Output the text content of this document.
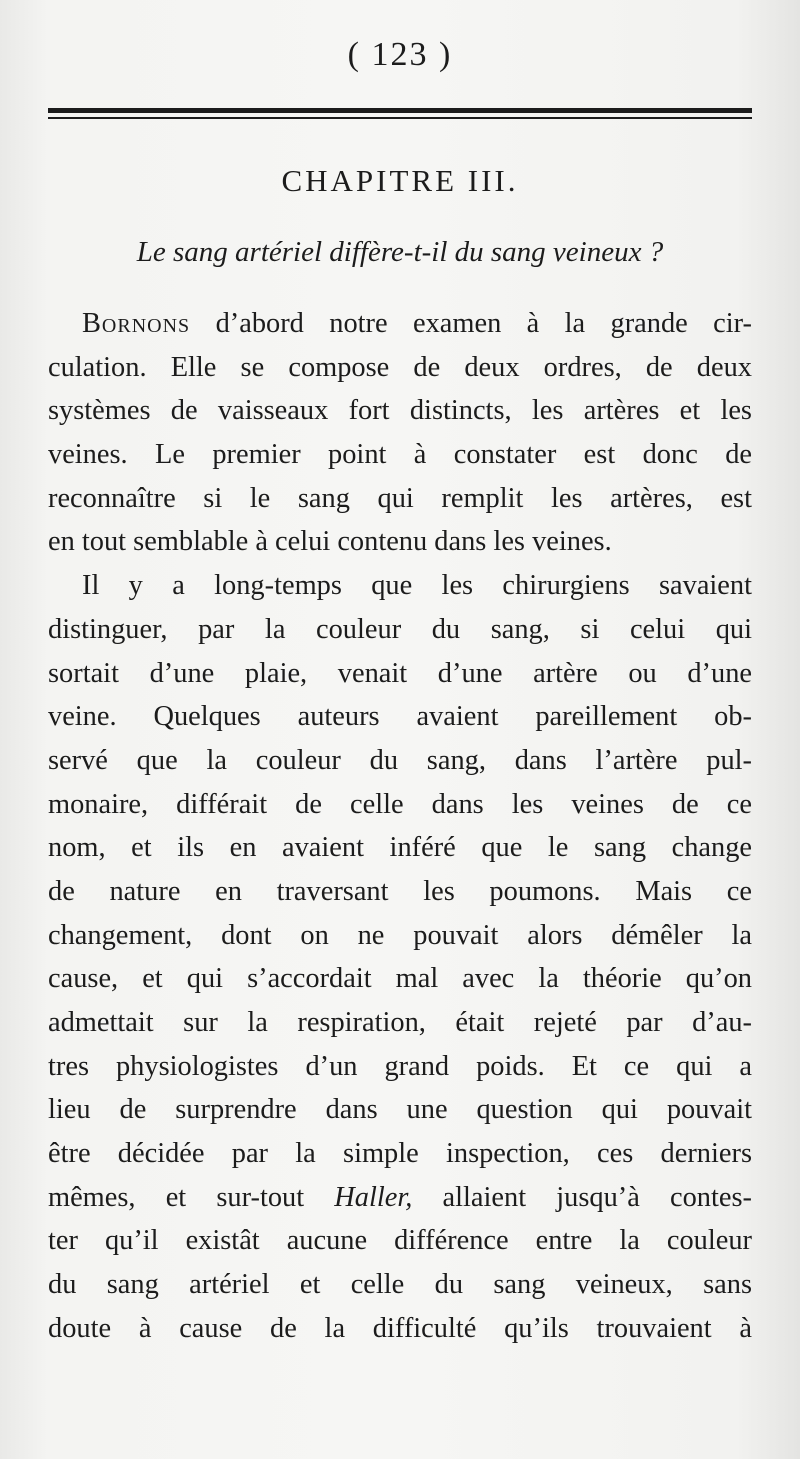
( 123 )
CHAPITRE III.
Le sang artériel diffère-t-il du sang veineux ?
Bornons d’abord notre examen à la grande cir-
culation. Elle se compose de deux ordres, de deux
systèmes de vaisseaux fort distincts, les artères et les
veines. Le premier point à constater est donc de
reconnaître si le sang qui remplit les artères, est
en tout semblable à celui contenu dans les veines.
Il y a long-temps que les chirurgiens savaient
distinguer, par la couleur du sang, si celui qui
sortait d’une plaie, venait d’une artère ou d’une
veine. Quelques auteurs avaient pareillement ob-
servé que la couleur du sang, dans l’artère pul-
monaire, différait de celle dans les veines de ce
nom, et ils en avaient inféré que le sang change
de nature en traversant les poumons. Mais ce
changement, dont on ne pouvait alors démêler la
cause, et qui s’accordait mal avec la théorie qu’on
admettait sur la respiration, était rejeté par d’au-
tres physiologistes d’un grand poids. Et ce qui a
lieu de surprendre dans une question qui pouvait
être décidée par la simple inspection, ces derniers
mêmes, et sur-tout Haller, allaient jusqu’à contes-
ter qu’il existât aucune différence entre la couleur
du sang artériel et celle du sang veineux, sans
doute à cause de la difficulté qu’ils trouvaient à
